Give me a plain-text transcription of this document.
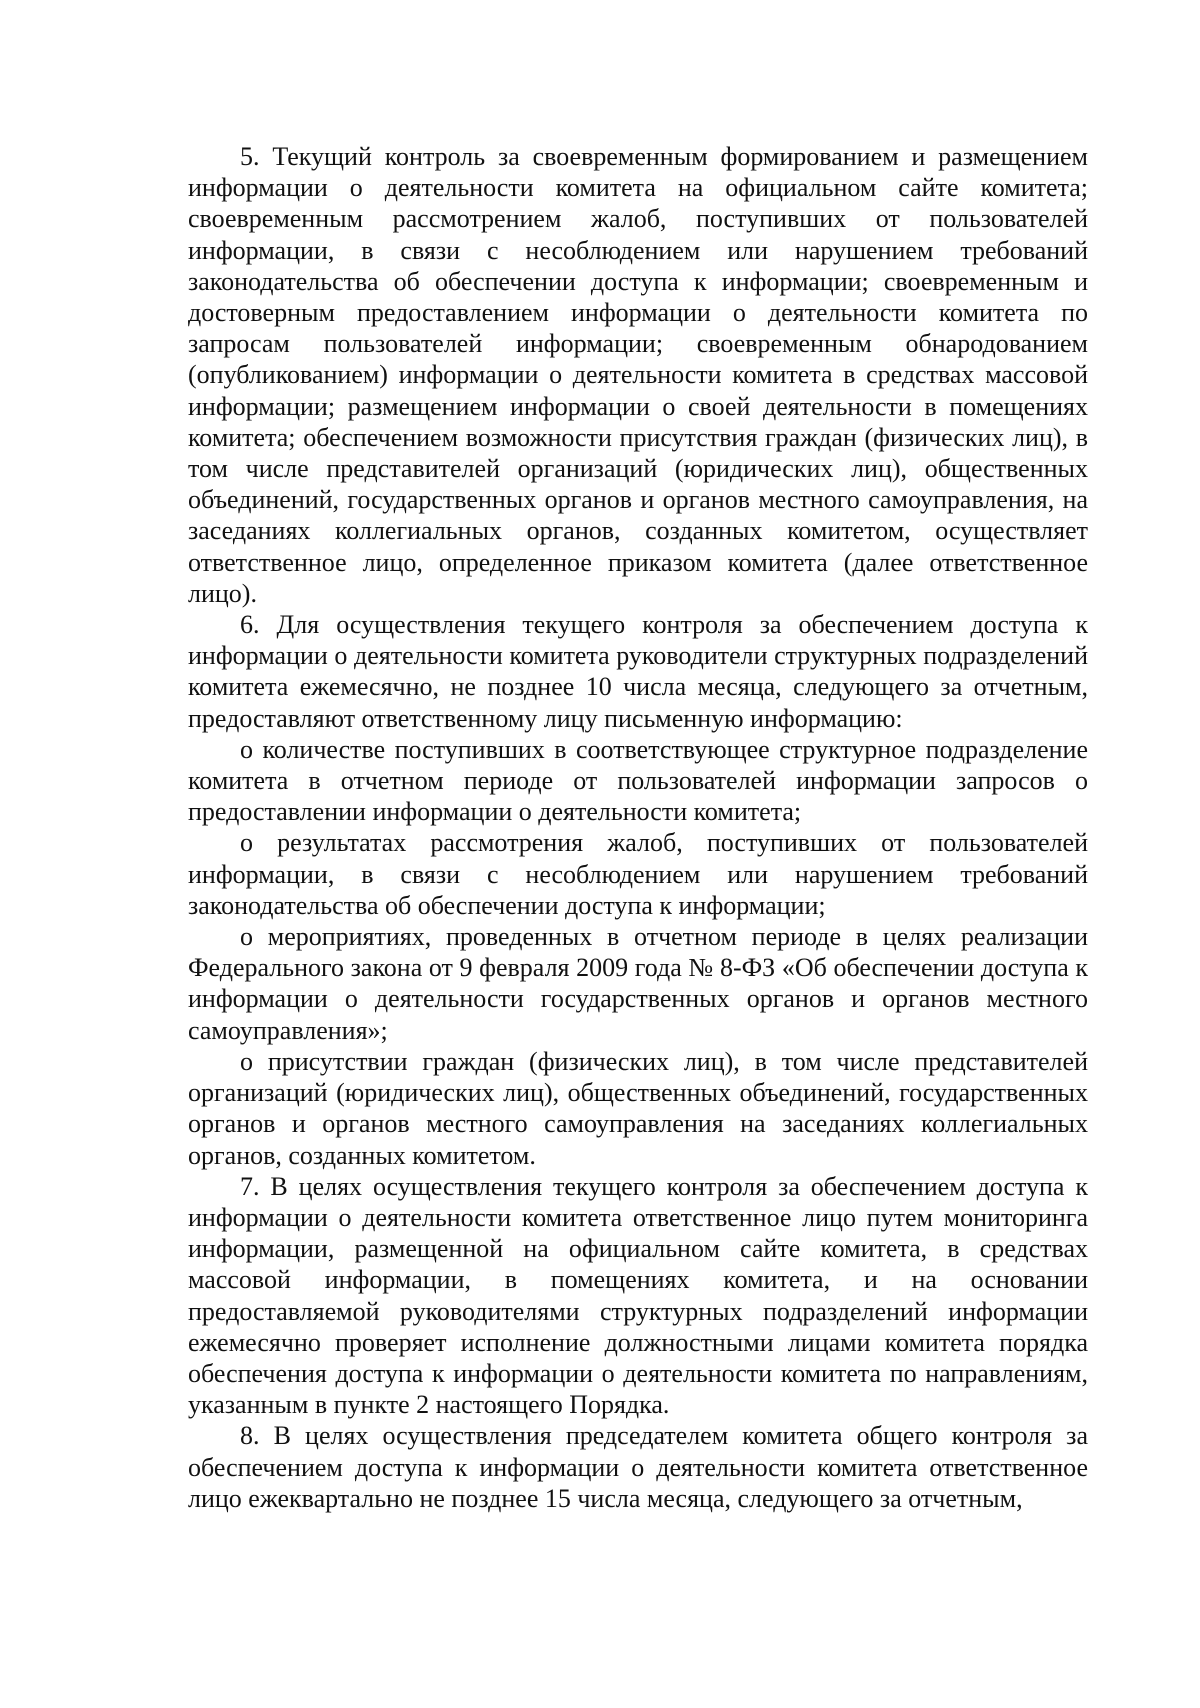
5. Текущий контроль за своевременным формированием и размещением информации о деятельности комитета на официальном сайте комитета; своевременным рассмотрением жалоб, поступивших от пользователей информации, в связи с несоблюдением или нарушением требований законодательства об обеспечении доступа к информации; своевременным и достоверным предоставлением информации о деятельности комитета по запросам пользователей информации; своевременным обнародованием (опубликованием) информации о деятельности комитета в средствах массовой информации; размещением информации о своей деятельности в помещениях комитета; обеспечением возможности присутствия граждан (физических лиц), в том числе представителей организаций (юридических лиц), общественных объединений, государственных органов и органов местного самоуправления, на заседаниях коллегиальных органов, созданных комитетом, осуществляет ответственное лицо, определенное приказом комитета (далее ответственное лицо).

6. Для осуществления текущего контроля за обеспечением доступа к информации о деятельности комитета руководители структурных подразделений комитета ежемесячно, не позднее 10 числа месяца, следующего за отчетным, предоставляют ответственному лицу письменную информацию:

о количестве поступивших в соответствующее структурное подразделение комитета в отчетном периоде от пользователей информации запросов о предоставлении информации о деятельности комитета;

о результатах рассмотрения жалоб, поступивших от пользователей информации, в связи с несоблюдением или нарушением требований законодательства об обеспечении доступа к информации;

о мероприятиях, проведенных в отчетном периоде в целях реализации Федерального закона от 9 февраля 2009 года № 8-ФЗ «Об обеспечении доступа к информации о деятельности государственных органов и органов местного самоуправления»;

о присутствии граждан (физических лиц), в том числе представителей организаций (юридических лиц), общественных объединений, государственных органов и органов местного самоуправления на заседаниях коллегиальных органов, созданных комитетом.

7. В целях осуществления текущего контроля за обеспечением доступа к информации о деятельности комитета ответственное лицо путем мониторинга информации, размещенной на официальном сайте комитета, в средствах массовой информации, в помещениях комитета, и на основании предоставляемой руководителями структурных подразделений информации ежемесячно проверяет исполнение должностными лицами комитета порядка обеспечения доступа к информации о деятельности комитета по направлениям, указанным в пункте 2 настоящего Порядка.

8. В целях осуществления председателем комитета общего контроля за обеспечением доступа к информации о деятельности комитета ответственное лицо ежеквартально не позднее 15 числа месяца, следующего за отчетным,
